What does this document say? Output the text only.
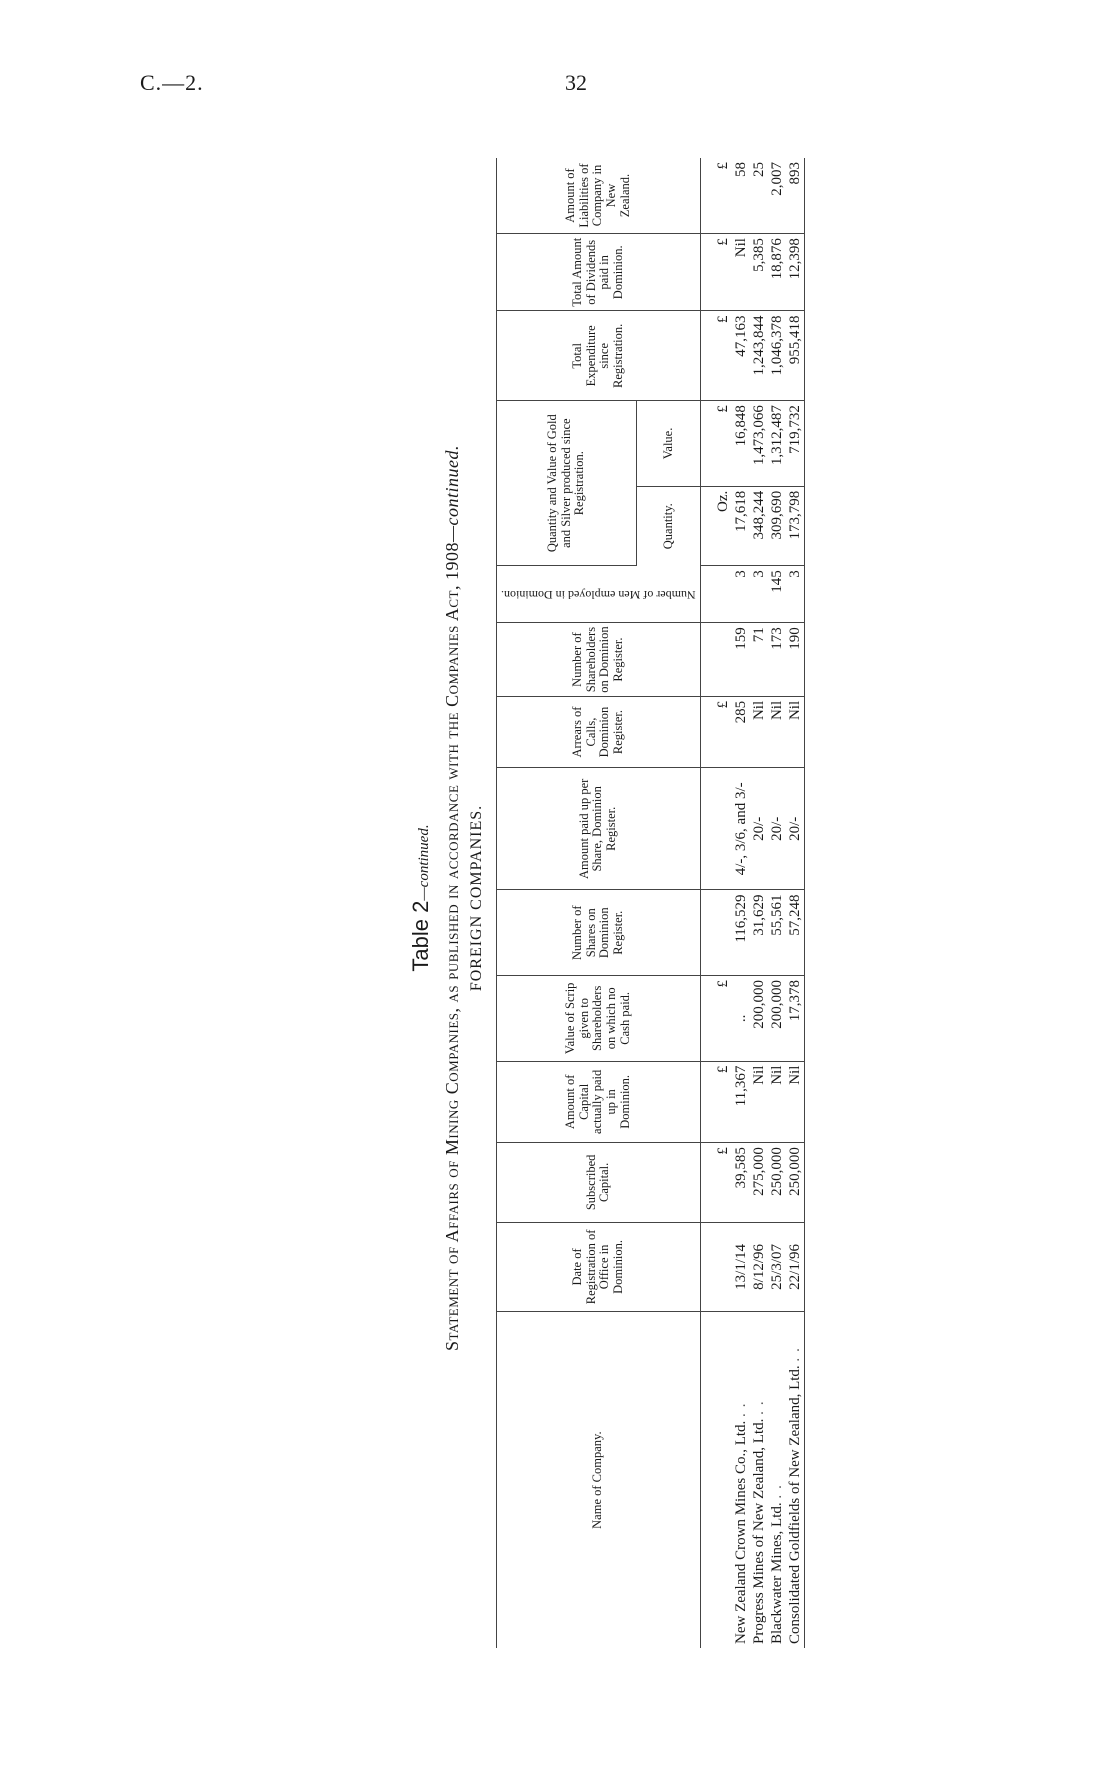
C.—2.	32
Table 2—continued. Statement of Affairs of Mining Companies, as published in accordance with the Companies Act, 1908—continued.
FOREIGN COMPANIES.
Name of Company.	Date of Registration of Office in Dominion.	Subscribed Capital.	Amount of Capital actually paid up in Dominion.	Value of Scrip given to Shareholders on which no Cash paid.	Number of Shares on Dominion Register.	Amount paid up per Share, Dominion Register.	Arrears of Calls, Dominion Register.	Number of Shareholders on Dominion Register.	Number of Men employed in Dominion.	Quantity and Value of Gold and Silver produced since Registration.		Total Expenditure since Registration.	Total Amount of Dividends paid in Dominion.	Amount of Liabilities of Company in New Zealand.
										Quantity.	Value.			
		£	£	£			£			Oz.	£	£	£	£
New Zealand Crown Mines Co., Ltd. ..	13/1/14	39,585	11,367	..	116,529	4/-, 3/6, and 3/-	285	159	3	17,618	16,848	47,163	Nil	58
Progress Mines of New Zealand, Ltd. ..	8/12/96	275,000	Nil	200,000	31,629	20/-	Nil	71	3	348,244	1,473,066	1,243,844	5,385	25
Blackwater Mines, Ltd. ..	25/3/07	250,000	Nil	200,000	55,561	20/-	Nil	173	145	309,690	1,312,487	1,046,378	18,876	2,007
Consolidated Goldfields of New Zealand, Ltd. ..	22/1/96	250,000	Nil	17,378	57,248	20/-	Nil	190	3	173,798	719,732	955,418	12,398	893
